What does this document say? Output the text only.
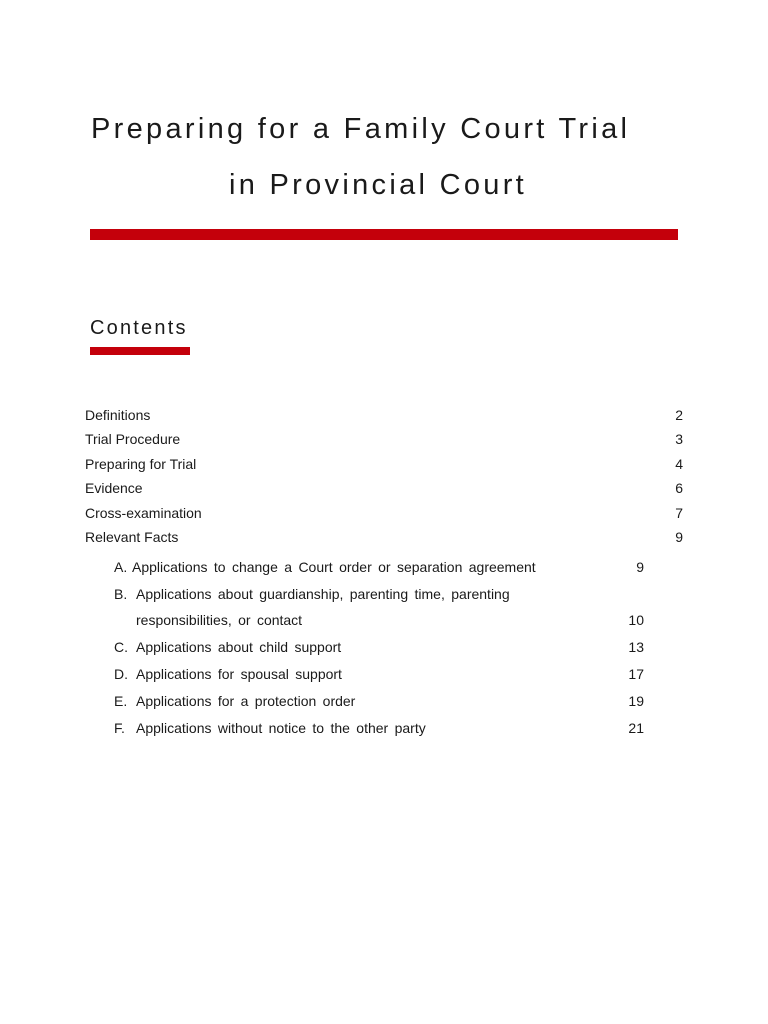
Preparing for a Family Court Trial
in Provincial Court
Contents
Definitions	2
Trial Procedure	3
Preparing for Trial	4
Evidence	6
Cross-examination	7
Relevant Facts	9
A. Applications to change a Court order or separation agreement	9
B. Applications about guardianship, parenting time, parenting responsibilities, or contact	10
C. Applications about child support	13
D. Applications for spousal support	17
E. Applications for a protection order	19
F. Applications without notice to the other party	21
